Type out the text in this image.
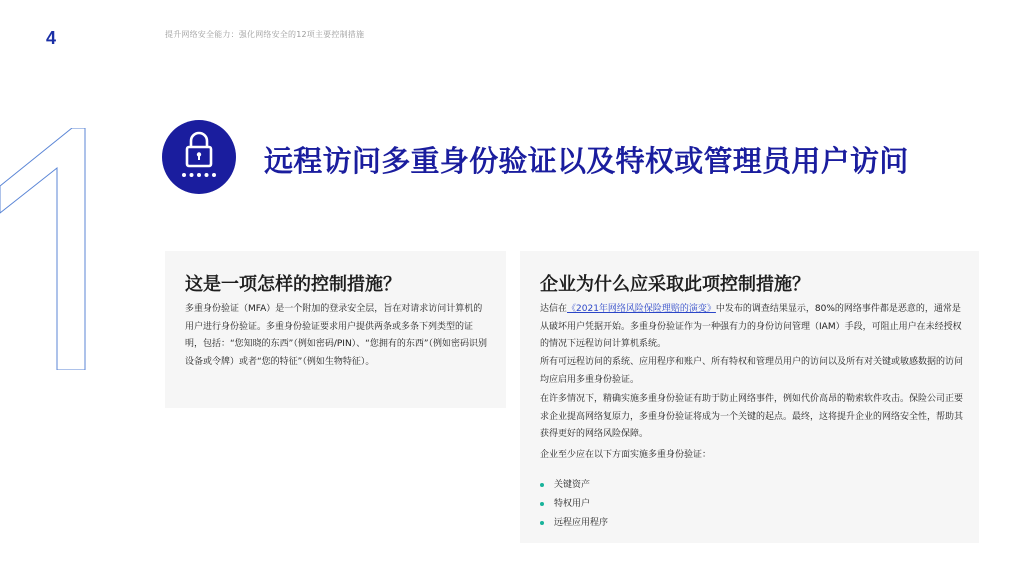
4	提升网络安全能力：强化网络安全的12项主要控制措施
远程访问多重身份验证以及特权或管理员用户访问
这是一项怎样的控制措施？
多重身份验证（MFA）是一个附加的登录安全层，旨在对请求访问计算机的用户进行身份验证。多重身份验证要求用户提供两条或多条下列类型的证明，包括：“您知晓的东西”（例如密码/PIN）、“您拥有的东西”（例如密码识别设备或令牌）或者“您的特征”（例如生物特征）。
企业为什么应采取此项控制措施？
达信在《2021年网络风险保险理赔的演变》中发布的调查结果显示，80%的网络事件都是恶意的，通常是从破坏用户凭据开始。多重身份验证作为一种强有力的身份访问管理（IAM）手段，可阻止用户在未经授权的情况下远程访问计算机系统。
所有可远程访问的系统、应用程序和账户、所有特权和管理员用户的访问以及所有对关键或敏感数据的访问均应启用多重身份验证。
在许多情况下，精确实施多重身份验证有助于防止网络事件，例如代价高昂的勒索软件攻击。保险公司正要求企业提高网络复原力，多重身份验证将成为一个关键的起点。最终，这将提升企业的网络安全性，帮助其获得更好的网络风险保障。
企业至少应在以下方面实施多重身份验证：
关键资产
特权用户
远程应用程序
